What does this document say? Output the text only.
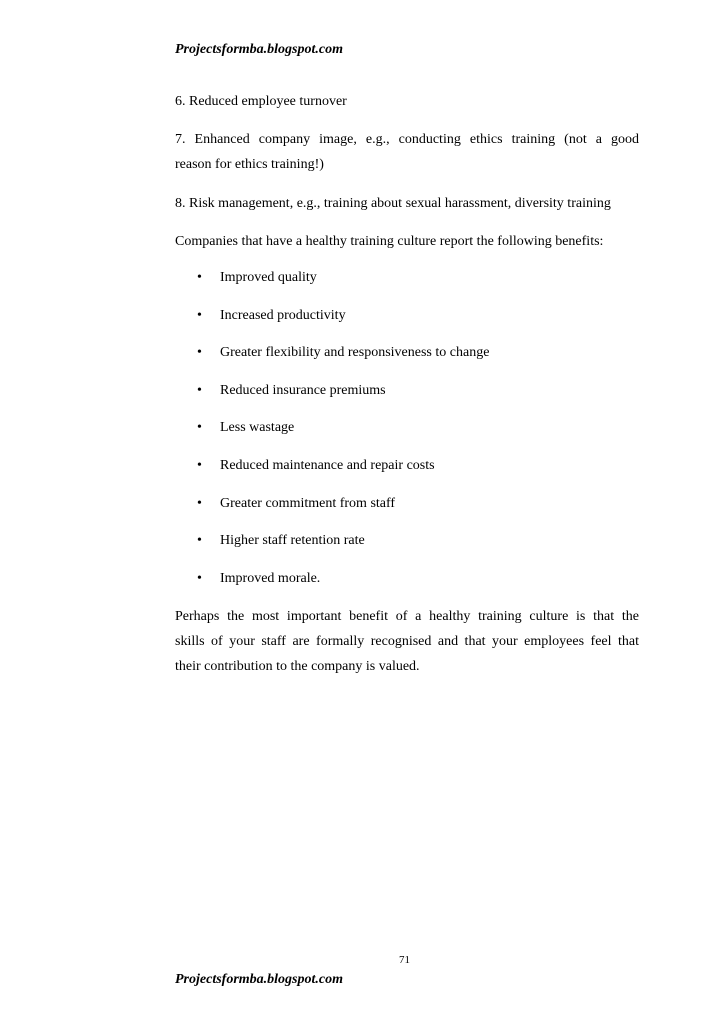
Projectsformba.blogspot.com

6. Reduced employee turnover

7. Enhanced company image, e.g., conducting ethics training (not a good
reason for ethics training!)

8. Risk management, e.g., training about sexual harassment, diversity training

Companies that have a healthy training culture report the following benefits:

• Improved quality
• Increased productivity
• Greater flexibility and responsiveness to change
• Reduced insurance premiums
• Less wastage
• Reduced maintenance and repair costs
• Greater commitment from staff
• Higher staff retention rate
• Improved morale.

Perhaps the most important benefit of a healthy training culture is that the
skills of your staff are formally recognised and that your employees feel that
their contribution to the company is valued.

71
Projectsformba.blogspot.com
